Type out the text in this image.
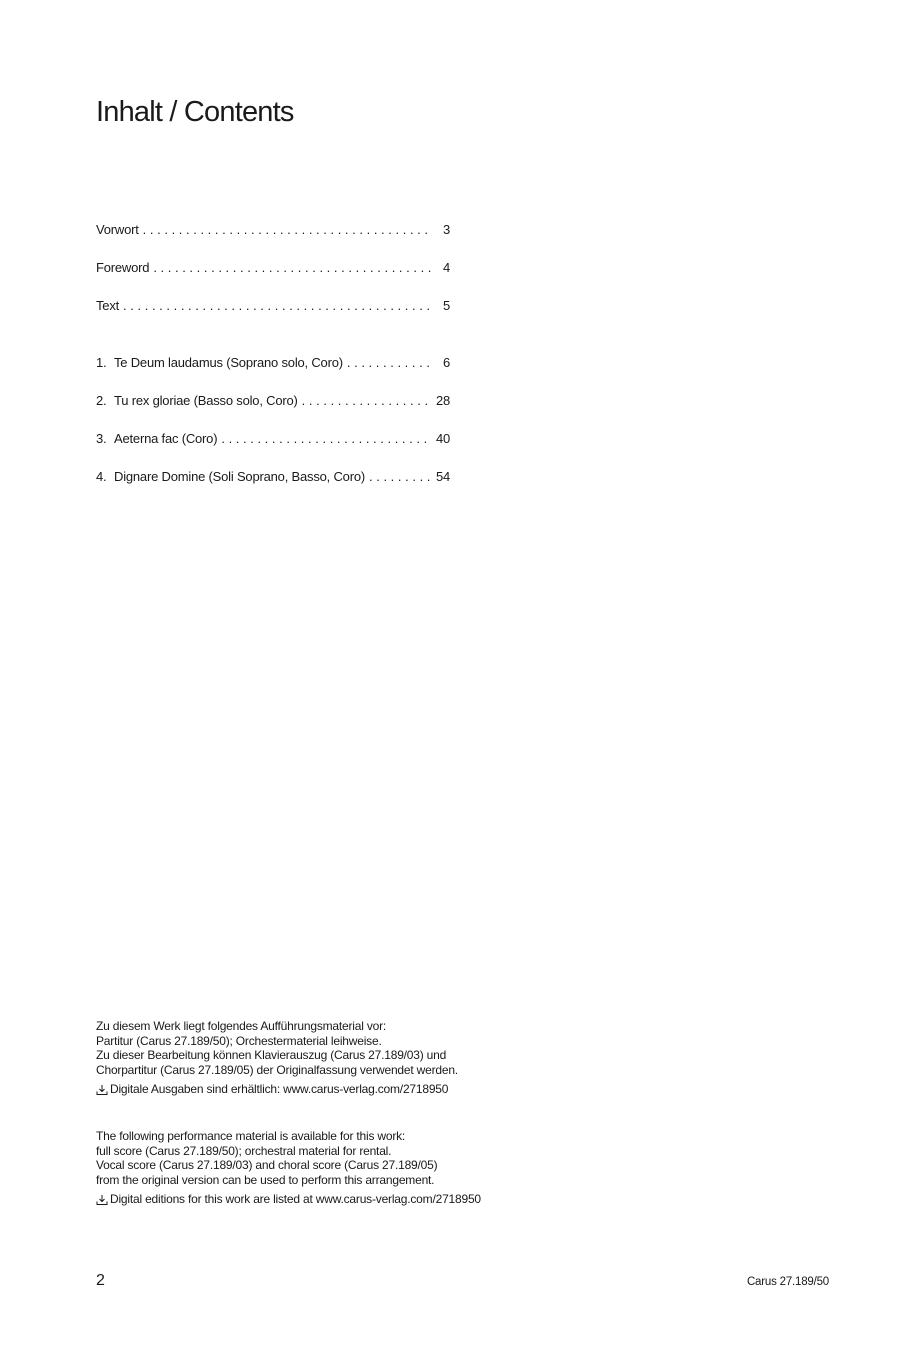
Inhalt / Contents
Vorwort . . .	3
Foreword . . .	4
Text . . .	5
1. Te Deum laudamus (Soprano solo, Coro) . . .	6
2. Tu rex gloriae (Basso solo, Coro) . . .	28
3. Aeterna fac (Coro) . . .	40
4. Dignare Domine (Soli Soprano, Basso, Coro) . . .	54

Zu diesem Werk liegt folgendes Aufführungsmaterial vor:

Partitur (Carus 27.189/50); Orchestermaterial leihweise.

Zu dieser Bearbeitung können Klavierauszug (Carus 27.189/03) und

Chorpartitur (Carus 27.189/05) der Originalfassung verwendet werden.

Digitale Ausgaben sind erhältlich: www.carus-verlag.com/2718950

The following performance material is available for this work:

full score (Carus 27.189/50); orchestral material for rental.

Vocal score (Carus 27.189/03) and choral score (Carus 27.189/05)

from the original version can be used to perform this arrangement.

Digital editions for this work are listed at www.carus-verlag.com/2718950

2	Carus 27.189/50
